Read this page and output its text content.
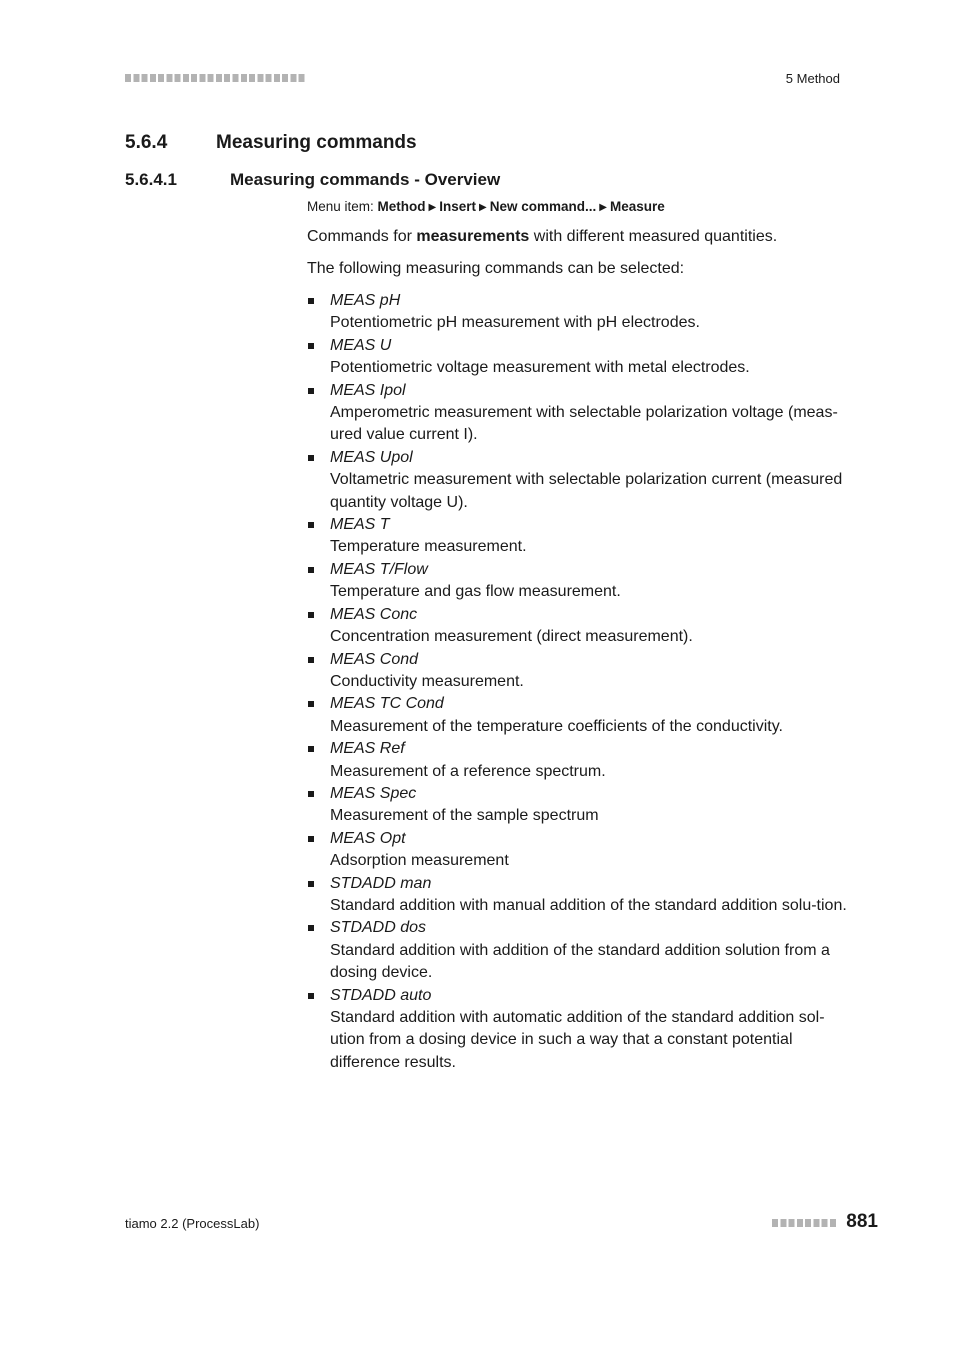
5 Method
5.6.4	Measuring commands
5.6.4.1	Measuring commands - Overview
Menu item: Method ▶ Insert ▶ New command... ▶ Measure
Commands for measurements with different measured quantities.
The following measuring commands can be selected:
MEAS pH
Potentiometric pH measurement with pH electrodes.
MEAS U
Potentiometric voltage measurement with metal electrodes.
MEAS Ipol
Amperometric measurement with selectable polarization voltage (meas-ured value current I).
MEAS Upol
Voltametric measurement with selectable polarization current (measured quantity voltage U).
MEAS T
Temperature measurement.
MEAS T/Flow
Temperature and gas flow measurement.
MEAS Conc
Concentration measurement (direct measurement).
MEAS Cond
Conductivity measurement.
MEAS TC Cond
Measurement of the temperature coefficients of the conductivity.
MEAS Ref
Measurement of a reference spectrum.
MEAS Spec
Measurement of the sample spectrum
MEAS Opt
Adsorption measurement
STDADD man
Standard addition with manual addition of the standard addition solu-tion.
STDADD dos
Standard addition with addition of the standard addition solution from a dosing device.
STDADD auto
Standard addition with automatic addition of the standard addition sol-ution from a dosing device in such a way that a constant potential difference results.
tiamo 2.2 (ProcessLab)	881
